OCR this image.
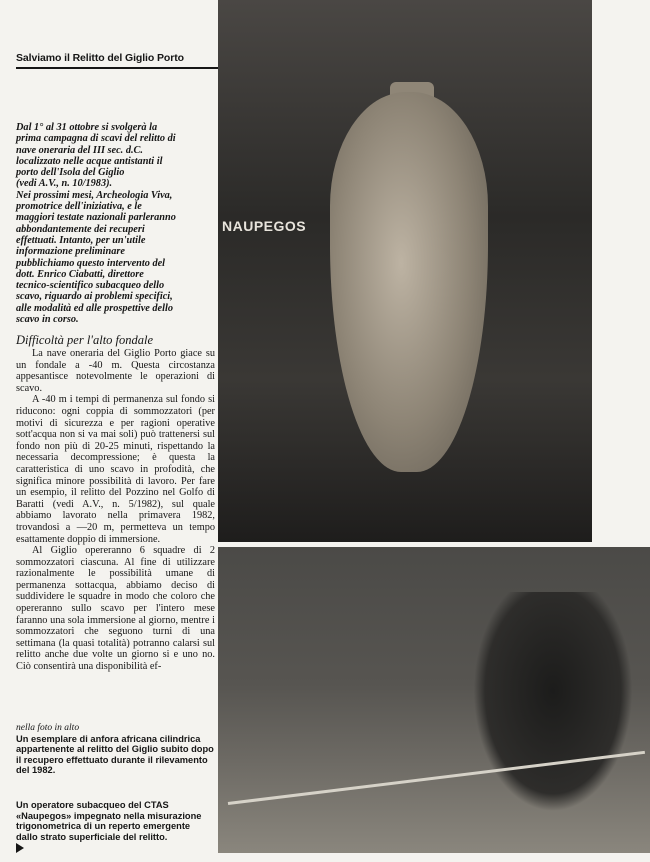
Salviamo il Relitto del Giglio Porto

Dal 1° al 31 ottobre si svolgerà la

prima campagna di scavi del relitto di

nave oneraria del III sec. d.C.

localizzato nelle acque antistanti il

porto dell'Isola del Giglio

(vedi A.V., n. 10/1983).

Nei prossimi mesi, Archeologia Viva,

promotrice dell'iniziativa, e le

maggiori testate nazionali parleranno

abbondantemente dei recuperi

effettuati. Intanto, per un'utile

informazione preliminare

pubblichiamo questo intervento del

dott. Enrico Ciabatti, direttore

tecnico-scientifico subacqueo dello

scavo, riguardo ai problemi specifici,

alle modalità ed alle prospettive dello

scavo in corso.

Difficoltà per l'alto fondale

La nave oneraria del Giglio Porto giace su un fondale a -40 m. Questa circostanza appesantisce notevolmente le operazioni di scavo.

A -40 m i tempi di permanenza sul fondo si riducono: ogni coppia di sommozzatori (per motivi di sicurezza e per ragioni operative sott'acqua non si va mai soli) può trattenersi sul fondo non più di 20-25 minuti, rispettando la necessaria decompressione; è questa la caratteristica di uno scavo in profodità, che significa minore possibilità di lavoro. Per fare un esempio, il relitto del Pozzino nel Golfo di Baratti (vedi A.V., n. 5/1982), sul quale abbiamo lavorato nella primavera 1982, trovandosi a —20 m, permetteva un tempo esattamente doppio di immersione.

Al Giglio opereranno 6 squadre di 2 sommozzatori ciascuna. Al fine di utilizzare razionalmente le possibilità umane di permanenza sottacqua, abbiamo deciso di suddividere le squadre in modo che coloro che opereranno sullo scavo per l'intero mese faranno una sola immersione al giorno, mentre i sommozzatori che seguono turni di una settimana (la quasi totalità) potranno calarsi sul relitto anche due volte un giorno si e uno no. Ciò consentirà una disponibilità ef-

NAUPEGOS

nella foto in alto

Un esemplare di anfora africana cilindrica appartenente al relitto del Giglio subito dopo il recupero effettuato durante il rilevamento del 1982.

Un operatore subacqueo del CTAS «Naupegos» impegnato nella misurazione trigonometrica di un reperto emergente dallo strato superficiale del relitto.
